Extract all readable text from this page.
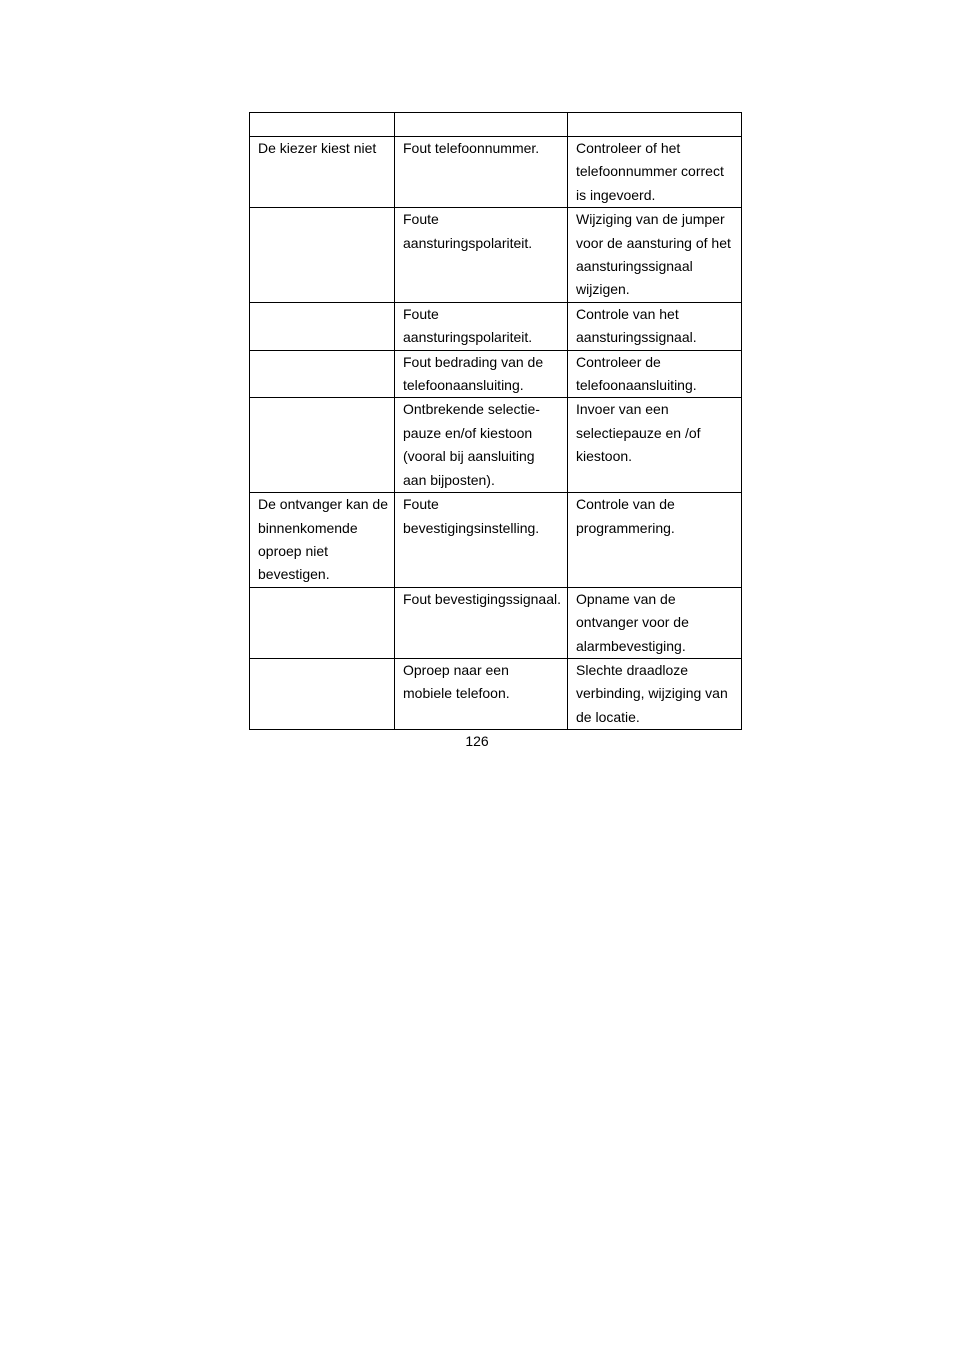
De kiezer kiest niet	Fout telefoonnummer.	Controleer of het telefoonnummer correct is ingevoerd.
	Foute aansturingspolariteit.	Wijziging van de jumper voor de aansturing of het aansturingssignaal wijzigen.
	Foute aansturingspolariteit.	Controle van het aansturingssignaal.
	Fout bedrading van de telefoonaansluiting.	Controleer de telefoonaansluiting.
	Ontbrekende selectie-pauze en/of kiestoon (vooral bij aansluiting aan bijposten).	Invoer van een selectiepauze en /of kiestoon.
De ontvanger kan de binnenkomende oproep niet bevestigen.	Foute bevestigingsinstelling.	Controle van de programmering.
	Fout bevestigingssignaal.	Opname van de ontvanger voor de alarmbevestiging.
	Oproep naar een mobiele telefoon.	Slechte draadloze verbinding, wijziging van de locatie.
126
